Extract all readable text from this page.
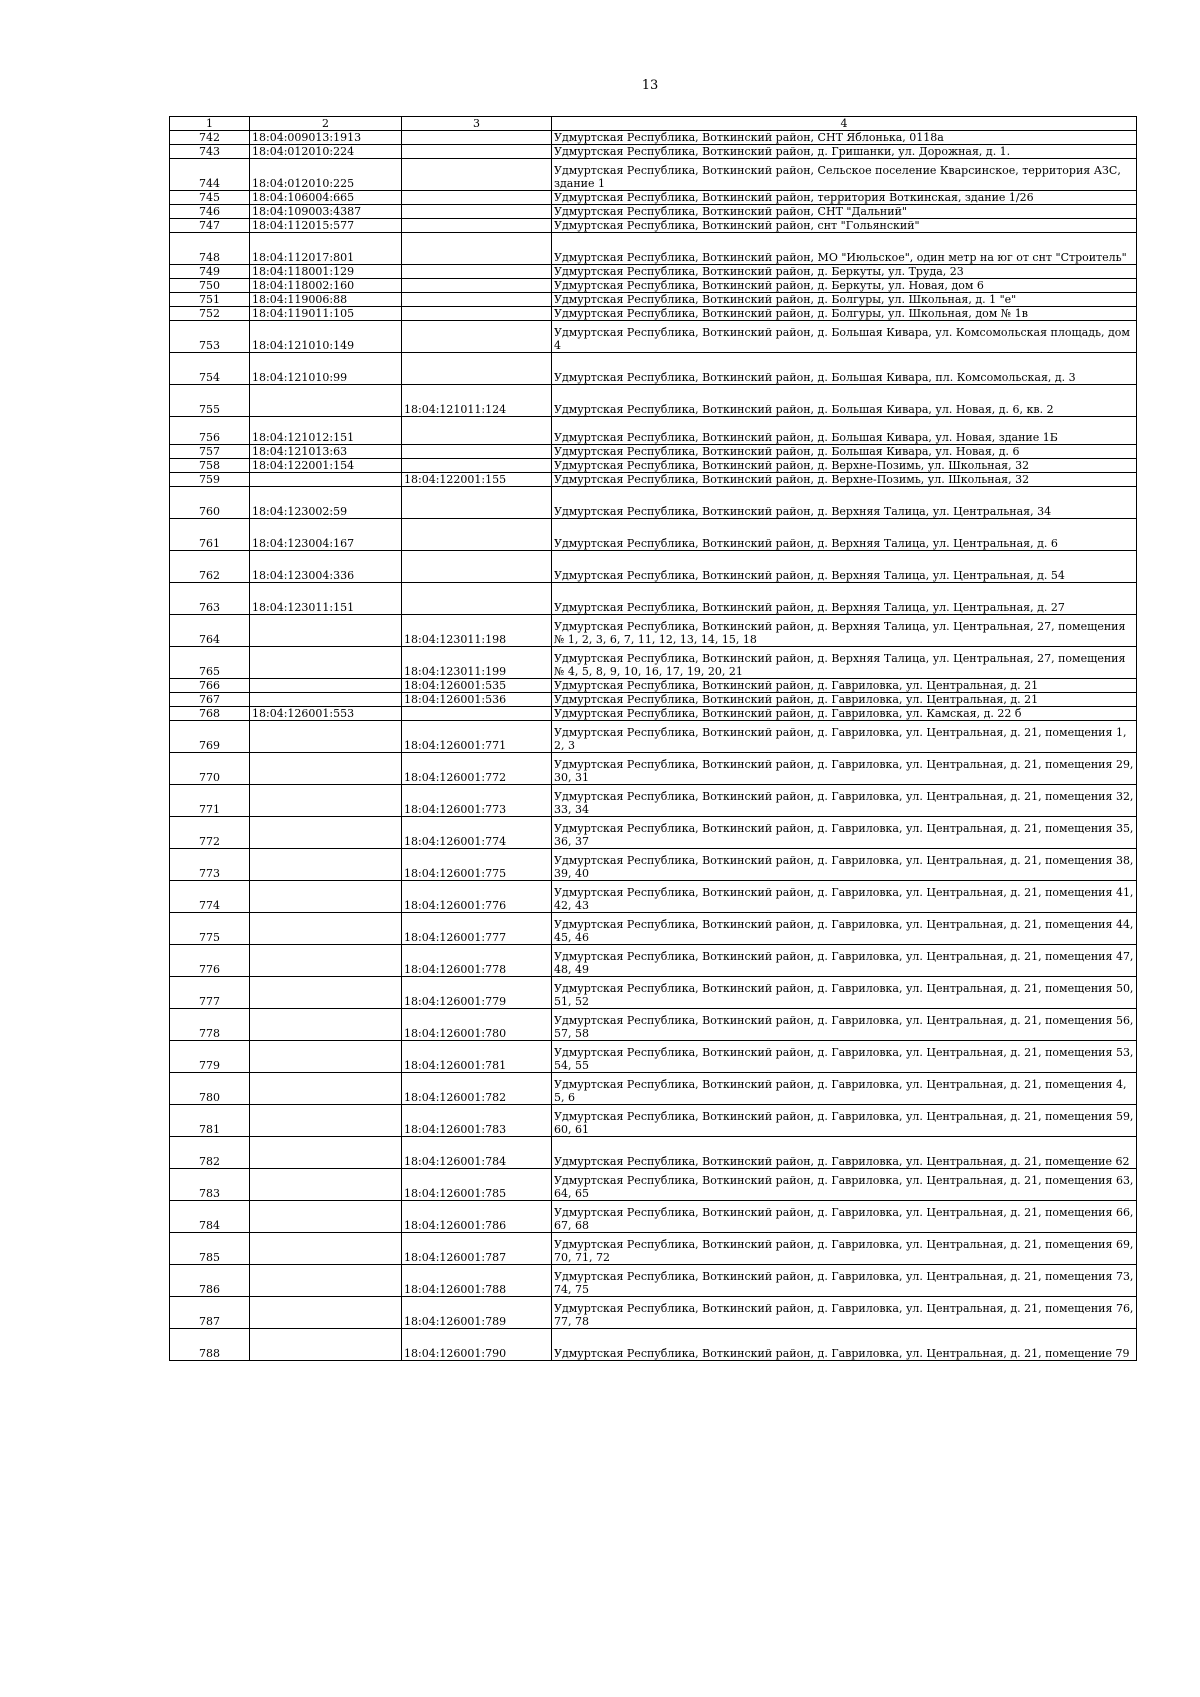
13
1	2	3	4
742	18:04:009013:1913		Удмуртская Республика, Воткинский район, СНТ Яблонька, 0118а
743	18:04:012010:224		Удмуртская Республика, Воткинский район, д. Гришанки, ул. Дорожная, д. 1.
744	18:04:012010:225		Удмуртская Республика, Воткинский район, Сельское поселение Кварсинское, территория АЗС, здание 1
745	18:04:106004:665		Удмуртская Республика, Воткинский район, территория Воткинская, здание 1/26
746	18:04:109003:4387		Удмуртская Республика, Воткинский район, СНТ "Дальний"
747	18:04:112015:577		Удмуртская Республика, Воткинский район, снт "Гольянский"
748	18:04:112017:801		Удмуртская Республика, Воткинский район, МО "Июльское", один метр на юг от снт "Строитель"
749	18:04:118001:129		Удмуртская Республика, Воткинский район, д. Беркуты, ул. Труда, 23
750	18:04:118002:160		Удмуртская Республика, Воткинский район, д. Беркуты, ул. Новая, дом 6
751	18:04:119006:88		Удмуртская Республика, Воткинский район, д. Болгуры, ул. Школьная, д. 1 "е"
752	18:04:119011:105		Удмуртская Республика, Воткинский район, д. Болгуры, ул. Школьная, дом № 1в
753	18:04:121010:149		Удмуртская Республика, Воткинский район, д. Большая Кивара, ул. Комсомольская площадь, дом 4
754	18:04:121010:99		Удмуртская Республика, Воткинский район, д. Большая Кивара, пл. Комсомольская, д. 3
755		18:04:121011:124	Удмуртская Республика, Воткинский район, д. Большая Кивара, ул. Новая, д. 6, кв. 2
756	18:04:121012:151		Удмуртская Республика, Воткинский район, д. Большая Кивара, ул. Новая, здание 1Б
757	18:04:121013:63		Удмуртская Республика, Воткинский район, д. Большая Кивара, ул. Новая, д. 6
758	18:04:122001:154		Удмуртская Республика, Воткинский район, д. Верхне-Позимь, ул. Школьная, 32
759		18:04:122001:155	Удмуртская Республика, Воткинский район, д. Верхне-Позимь, ул. Школьная, 32
760	18:04:123002:59		Удмуртская Республика, Воткинский район, д. Верхняя Талица, ул. Центральная, 34
761	18:04:123004:167		Удмуртская Республика, Воткинский район, д. Верхняя Талица, ул. Центральная, д. 6
762	18:04:123004:336		Удмуртская Республика, Воткинский район, д. Верхняя Талица, ул. Центральная, д. 54
763	18:04:123011:151		Удмуртская Республика, Воткинский район, д. Верхняя Талица, ул. Центральная, д. 27
764		18:04:123011:198	Удмуртская Республика, Воткинский район, д. Верхняя Талица, ул. Центральная, 27, помещения № 1, 2, 3, 6, 7, 11, 12, 13, 14, 15, 18
765		18:04:123011:199	Удмуртская Республика, Воткинский район, д. Верхняя Талица, ул. Центральная, 27, помещения № 4, 5, 8, 9, 10, 16, 17, 19, 20, 21
766		18:04:126001:535	Удмуртская Республика, Воткинский район, д. Гавриловка, ул. Центральная, д. 21
767		18:04:126001:536	Удмуртская Республика, Воткинский район, д. Гавриловка, ул. Центральная, д. 21
768	18:04:126001:553		Удмуртская Республика, Воткинский район, д. Гавриловка, ул. Камская, д. 22 б
769		18:04:126001:771	Удмуртская Республика, Воткинский район, д. Гавриловка, ул. Центральная, д. 21, помещения 1, 2, 3
770		18:04:126001:772	Удмуртская Республика, Воткинский район, д. Гавриловка, ул. Центральная, д. 21, помещения 29, 30, 31
771		18:04:126001:773	Удмуртская Республика, Воткинский район, д. Гавриловка, ул. Центральная, д. 21, помещения 32, 33, 34
772		18:04:126001:774	Удмуртская Республика, Воткинский район, д. Гавриловка, ул. Центральная, д. 21, помещения 35, 36, 37
773		18:04:126001:775	Удмуртская Республика, Воткинский район, д. Гавриловка, ул. Центральная, д. 21, помещения 38, 39, 40
774		18:04:126001:776	Удмуртская Республика, Воткинский район, д. Гавриловка, ул. Центральная, д. 21, помещения 41, 42, 43
775		18:04:126001:777	Удмуртская Республика, Воткинский район, д. Гавриловка, ул. Центральная, д. 21, помещения 44, 45, 46
776		18:04:126001:778	Удмуртская Республика, Воткинский район, д. Гавриловка, ул. Центральная, д. 21, помещения 47, 48, 49
777		18:04:126001:779	Удмуртская Республика, Воткинский район, д. Гавриловка, ул. Центральная, д. 21, помещения 50, 51, 52
778		18:04:126001:780	Удмуртская Республика, Воткинский район, д. Гавриловка, ул. Центральная, д. 21, помещения 56, 57, 58
779		18:04:126001:781	Удмуртская Республика, Воткинский район, д. Гавриловка, ул. Центральная, д. 21, помещения 53, 54, 55
780		18:04:126001:782	Удмуртская Республика, Воткинский район, д. Гавриловка, ул. Центральная, д. 21, помещения 4, 5, 6
781		18:04:126001:783	Удмуртская Республика, Воткинский район, д. Гавриловка, ул. Центральная, д. 21, помещения 59, 60, 61
782		18:04:126001:784	Удмуртская Республика, Воткинский район, д. Гавриловка, ул. Центральная, д. 21, помещение 62
783		18:04:126001:785	Удмуртская Республика, Воткинский район, д. Гавриловка, ул. Центральная, д. 21, помещения 63, 64, 65
784		18:04:126001:786	Удмуртская Республика, Воткинский район, д. Гавриловка, ул. Центральная, д. 21, помещения 66, 67, 68
785		18:04:126001:787	Удмуртская Республика, Воткинский район, д. Гавриловка, ул. Центральная, д. 21, помещения 69, 70, 71, 72
786		18:04:126001:788	Удмуртская Республика, Воткинский район, д. Гавриловка, ул. Центральная, д. 21, помещения 73, 74, 75
787		18:04:126001:789	Удмуртская Республика, Воткинский район, д. Гавриловка, ул. Центральная, д. 21, помещения 76, 77, 78
788		18:04:126001:790	Удмуртская Республика, Воткинский район, д. Гавриловка, ул. Центральная, д. 21, помещение 79
